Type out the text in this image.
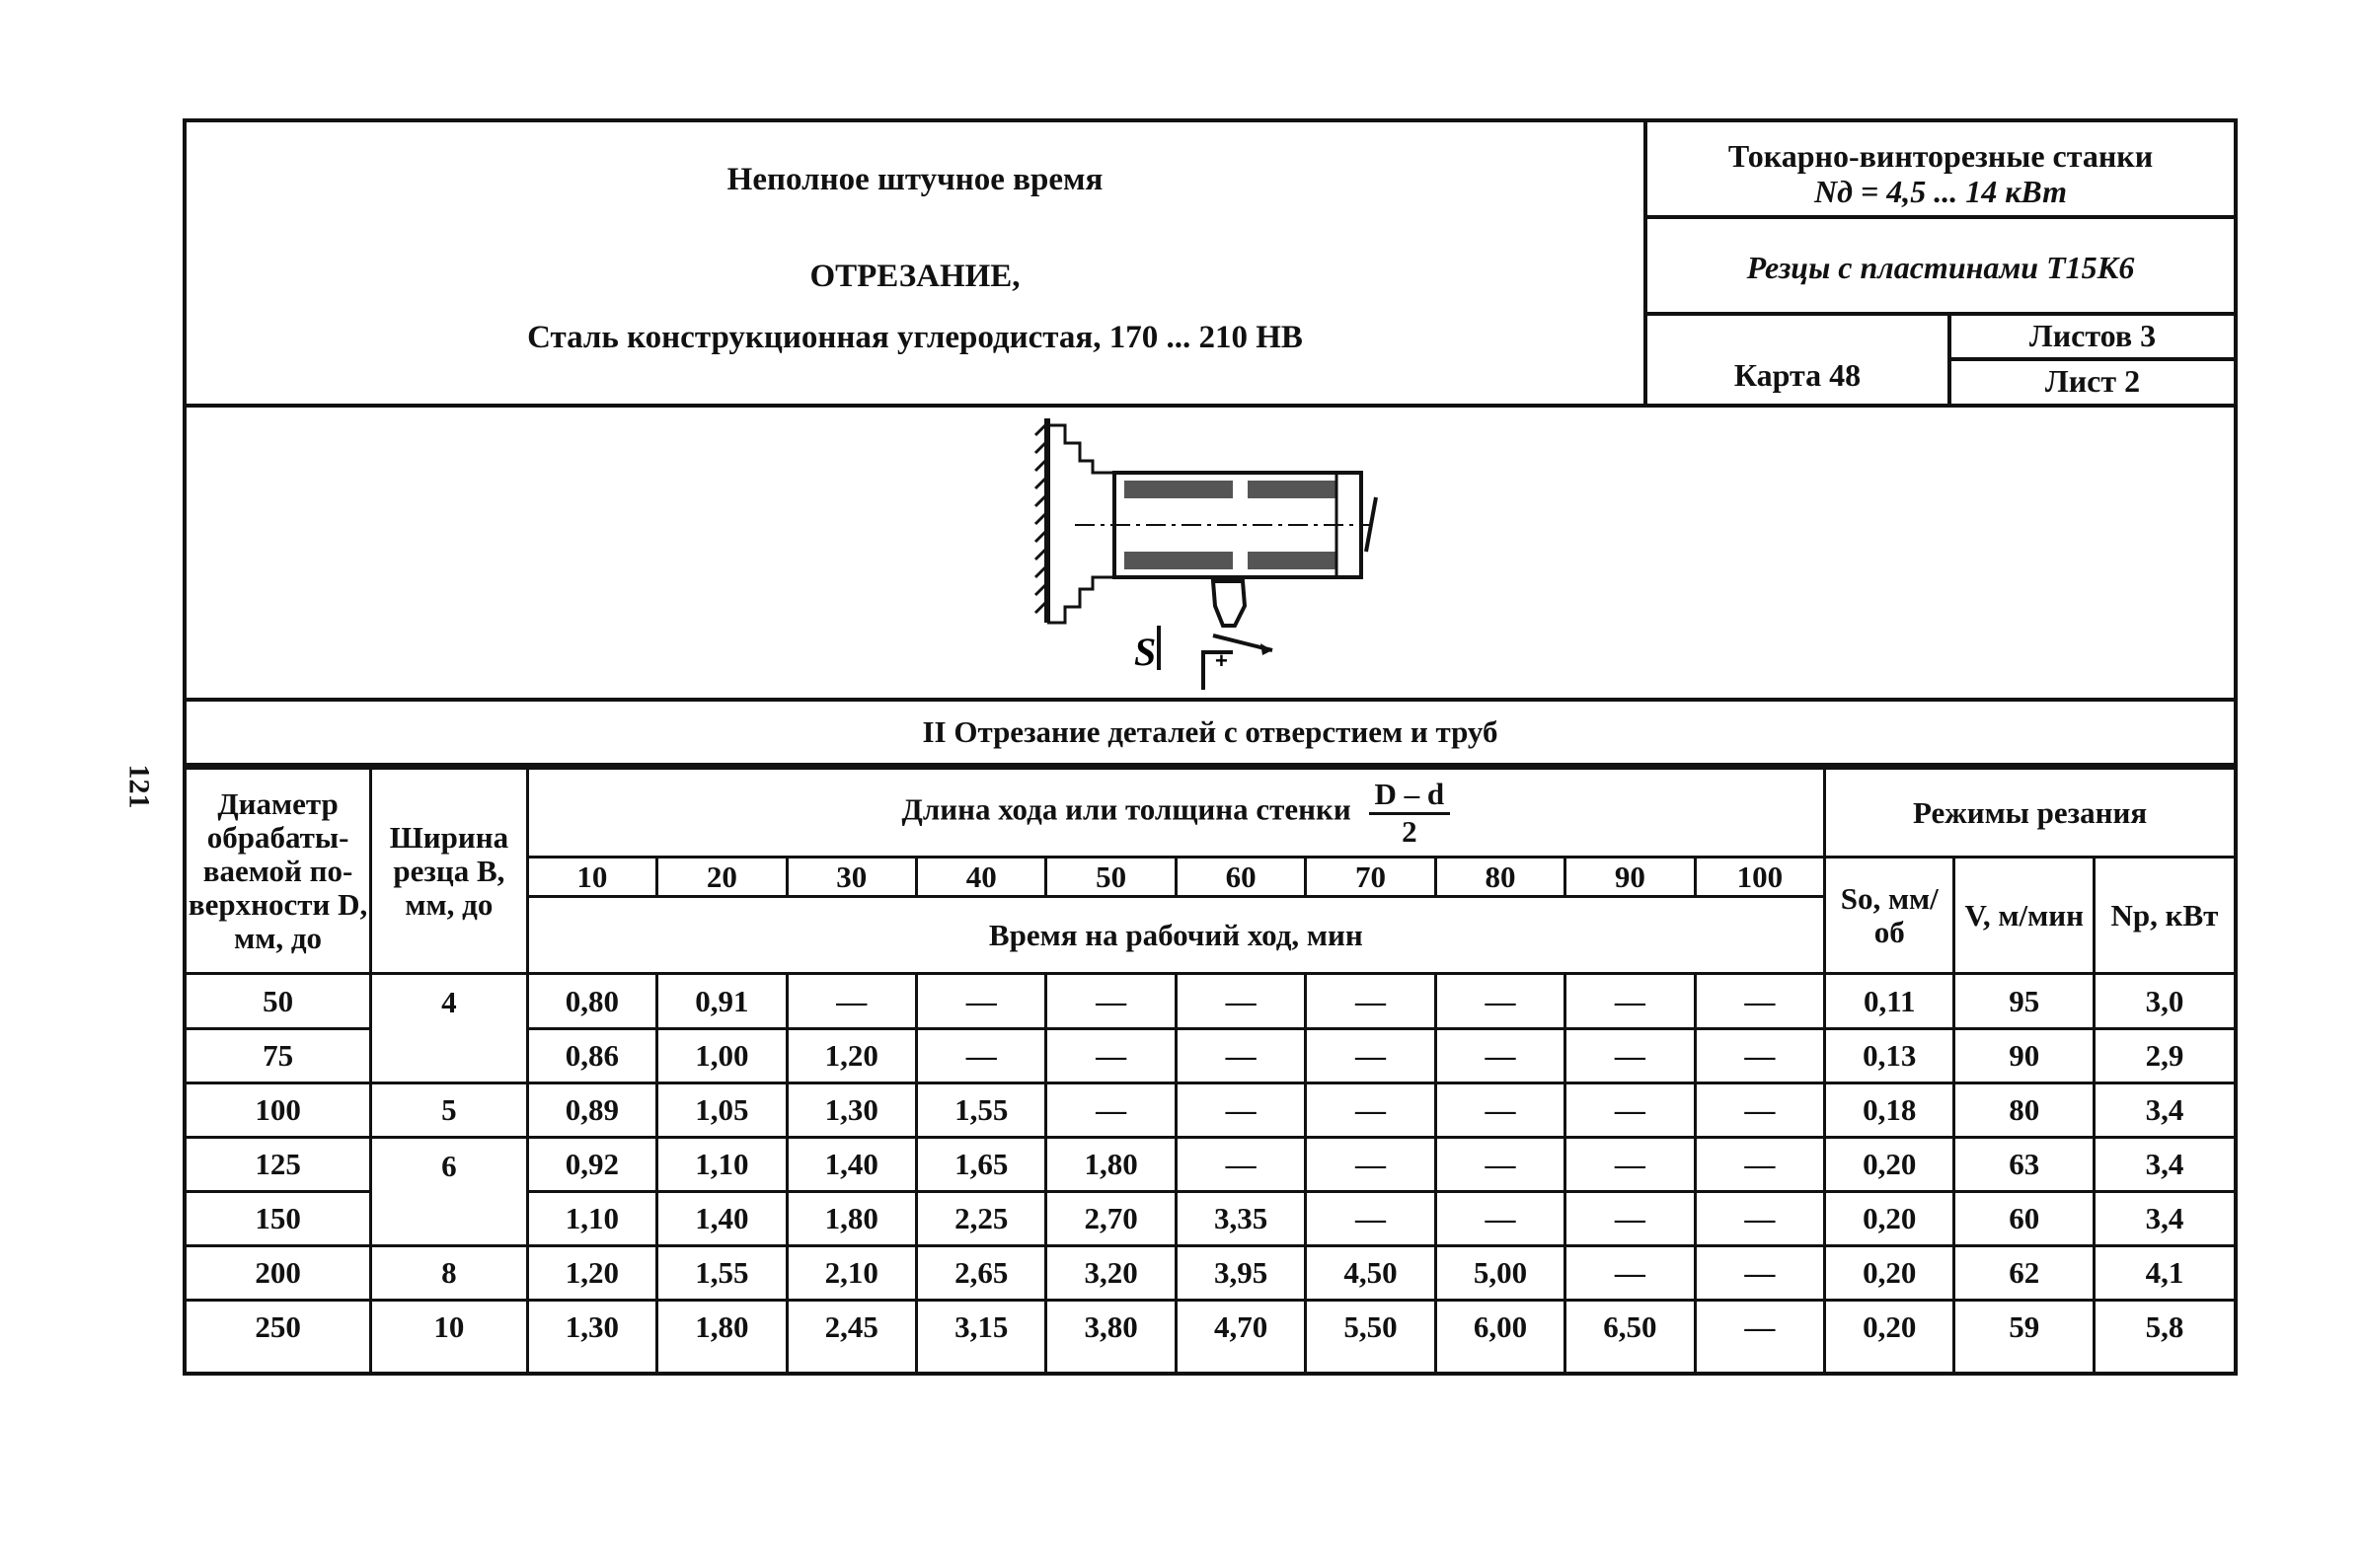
121
Неполное штучное время
ОТРЕЗАНИЕ,
Сталь конструкционная углеродистая, 170 ... 210 НВ
Токарно-винторезные станки
Nд = 4,5 ... 14 кВт
Резцы с пластинами Т15К6
Карта 48
Листов 3
Лист 2
+
S
II Отрезание деталей с отверстием и труб
Диаметр обрабаты-ваемой по-верхности D, мм, до	Ширина резца B, мм, до	Длина хода или толщина стенки $\frac{D - d}{2}$										Режимы резания		
		10	20	30	40	50	60	70	80	90	100	Sо, мм/об	V, м/мин	Nр, кВт
		Время на рабочий ход, мин												
50	4	0,80	0,91	—	—	—	—	—	—	—	—	0,11	95	3,0
75		0,86	1,00	1,20	—	—	—	—	—	—	—	0,13	90	2,9
100	5	0,89	1,05	1,30	1,55	—	—	—	—	—	—	0,18	80	3,4
125	6	0,92	1,10	1,40	1,65	1,80	—	—	—	—	—	0,20	63	3,4
150		1,10	1,40	1,80	2,25	2,70	3,35	—	—	—	—	0,20	60	3,4
200	8	1,20	1,55	2,10	2,65	3,20	3,95	4,50	5,00	—	—	0,20	62	4,1
250	10	1,30	1,80	2,45	3,15	3,80	4,70	5,50	6,00	6,50	—	0,20	59	5,8
